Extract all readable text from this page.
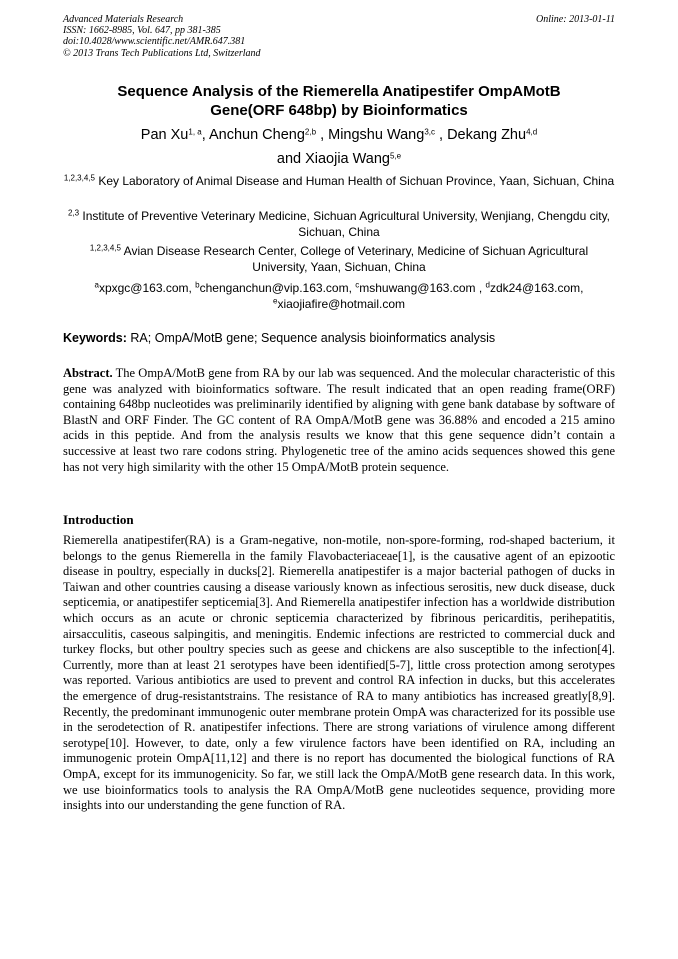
Advanced Materials Research
ISSN: 1662-8985, Vol. 647, pp 381-385
doi:10.4028/www.scientific.net/AMR.647.381
© 2013 Trans Tech Publications Ltd, Switzerland
Online: 2013-01-11
Sequence Analysis of the Riemerella Anatipestifer OmpAMotB Gene(ORF 648bp) by Bioinformatics
Pan Xu$^{1, a}$, Anchun Cheng$^{2,b}$ , Mingshu Wang$^{3,c}$ , Dekang Zhu$^{4,d}$
and Xiaojia Wang$^{5,e}$
$^{1,2,3,4,5}$ Key Laboratory of Animal Disease and Human Health of Sichuan Province, Yaan, Sichuan, China
$^{2,3}$ Institute of Preventive Veterinary Medicine, Sichuan Agricultural University, Wenjiang, Chengdu city, Sichuan, China
$^{1,2,3,4,5}$ Avian Disease Research Center, College of Veterinary, Medicine of Sichuan Agricultural University, Yaan, Sichuan, China
$^a$xpxgc@163.com, $^b$chenganchun@vip.163.com, $^c$mshuwang@163.com , $^d$zdk24@163.com,
$^e$xiaojiafire@hotmail.com
Keywords: RA; OmpA/MotB gene; Sequence analysis bioinformatics analysis
Abstract. The OmpA/MotB gene from RA by our lab was sequenced. And the molecular characteristic of this gene was analyzed with bioinformatics software. The result indicated that an open reading frame(ORF) containing 648bp nucleotides was preliminarily identified by aligning with gene bank database by software of BlastN and ORF Finder. The GC content of RA OmpA/MotB gene was 36.88% and encoded a 215 amino acids in this peptide. And from the analysis results we know that this gene sequence didn’t contain a successive at least two rare codons string. Phylogenetic tree of the amino acids sequences showed this gene has not very high similarity with the other 15 OmpA/MotB protein sequence.
Introduction
Riemerella anatipestifer(RA) is a Gram-negative, non-motile, non-spore-forming, rod-shaped bacterium, it belongs to the genus Riemerella in the family Flavobacteriaceae[1], is the causative agent of an epizootic disease in poultry, especially in ducks[2]. Riemerella anatipestifer is a major bacterial pathogen of ducks in Taiwan and other countries causing a disease variously known as infectious serositis, new duck disease, duck septicemia, or anatipestifer septicemia[3]. And Riemerella anatipestifer infection has a worldwide distribution which occurs as an acute or chronic septicemia characterized by fibrinous pericarditis, perihepatitis, airsacculitis, caseous salpingitis, and meningitis. Endemic infections are restricted to commercial duck and turkey flocks, but other poultry species such as geese and chickens are also susceptible to the infection[4]. Currently, more than at least 21 serotypes have been identified[5-7], little cross protection among serotypes was reported. Various antibiotics are used to prevent and control RA infection in ducks, but this accelerates the emergence of drug-resistantstrains. The resistance of RA to many antibiotics has increased greatly[8,9]. Recently, the predominant immunogenic outer membrane protein OmpA was characterized for its possible use in the serodetection of R. anatipestifer infections. There are strong variations of virulence among different serotype[10]. However, to date, only a few virulence factors have been identified on RA, including an immunogenic protein OmpA[11,12] and there is no report has documented the biological functions of RA OmpA, except for its immunogenicity. So far, we still lack the OmpA/MotB gene research data. In this work, we use bioinformatics tools to analysis the RA OmpA/MotB gene nucleotides sequence, providing more insights into our understanding the gene function of RA.
